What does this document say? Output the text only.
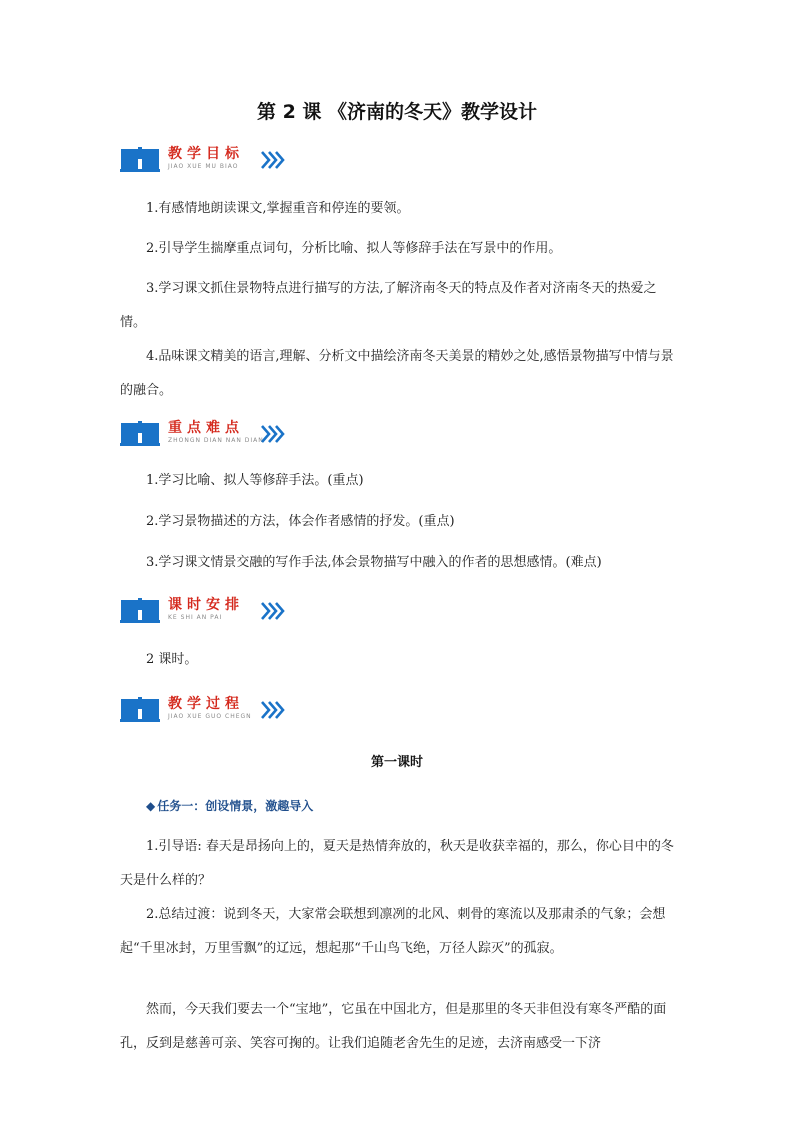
第 2 课 《济南的冬天》教学设计
教学目标
JIAO XUE MU BIAO

1.有感情地朗读课文,掌握重音和停连的要领。

2.引导学生揣摩重点词句，分析比喻、拟人等修辞手法在写景中的作用。

3.学习课文抓住景物特点进行描写的方法,了解济南冬天的特点及作者对济南冬天的热爱之情。

4.品味课文精美的语言,理解、分析文中描绘济南冬天美景的精妙之处,感悟景物描写中情与景的融合。

重点难点
ZHONGN DIAN NAN DIAN

1.学习比喻、拟人等修辞手法。(重点)

2.学习景物描述的方法，体会作者感情的抒发。(重点)

3.学习课文情景交融的写作手法,体会景物描写中融入的作者的思想感情。(难点)

课时安排
KE SHI AN PAI

2 课时。

教学过程
JIAO XUE GUO CHEGN
第一课时
◆ 任务一：创设情景，激趣导入

1.引导语: 春天是昂扬向上的，夏天是热情奔放的，秋天是收获幸福的，那么，你心目中的冬天是什么样的？

2.总结过渡：说到冬天，大家常会联想到凛冽的北风、刺骨的寒流以及那肃杀的气象；会想起“千里冰封，万里雪飘”的辽远，想起那“千山鸟飞绝，万径人踪灭”的孤寂。

然而，今天我们要去一个“宝地”，它虽在中国北方，但是那里的冬天非但没有寒冬严酷的面孔，反到是慈善可亲、笑容可掬的。让我们追随老舍先生的足迹，去济南感受一下济
